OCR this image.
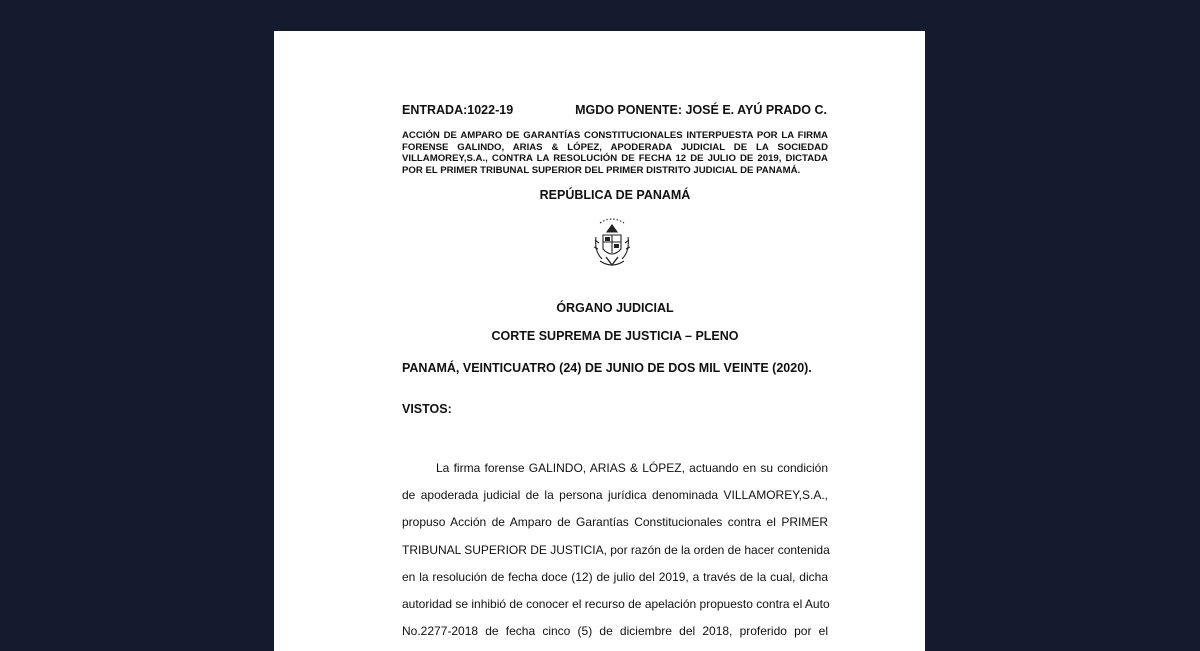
ENTRADA:1022-19	MGDO PONENTE: JOSÉ E. AYÚ PRADO C.
ACCIÓN DE AMPARO DE GARANTÍAS CONSTITUCIONALES INTERPUESTA POR LA FIRMA FORENSE GALINDO, ARIAS & LÓPEZ, APODERADA JUDICIAL DE LA SOCIEDAD VILLAMOREY,S.A., CONTRA LA RESOLUCIÓN DE FECHA 12 DE JULIO DE 2019, DICTADA POR EL PRIMER TRIBUNAL SUPERIOR DEL PRIMER DISTRITO JUDICIAL DE PANAMÁ.
REPÚBLICA DE PANAMÁ
ÓRGANO JUDICIAL
CORTE SUPREMA DE JUSTICIA – PLENO
PANAMÁ, VEINTICUATRO (24) DE JUNIO DE DOS MIL VEINTE (2020).
VISTOS:
La firma forense GALINDO, ARIAS & LÓPEZ, actuando en su condición
de apoderada judicial de la persona jurídica denominada VILLAMOREY,S.A.,
propuso Acción de Amparo de Garantías Constitucionales contra el PRIMER
TRIBUNAL SUPERIOR DE JUSTICIA, por razón de la orden de hacer contenida
en la resolución de fecha doce (12) de julio del 2019, a través de la cual, dicha
autoridad se inhibió de conocer el recurso de apelación propuesto contra el Auto
No.2277-2018 de fecha cinco (5) de diciembre del 2018, proferido por el
